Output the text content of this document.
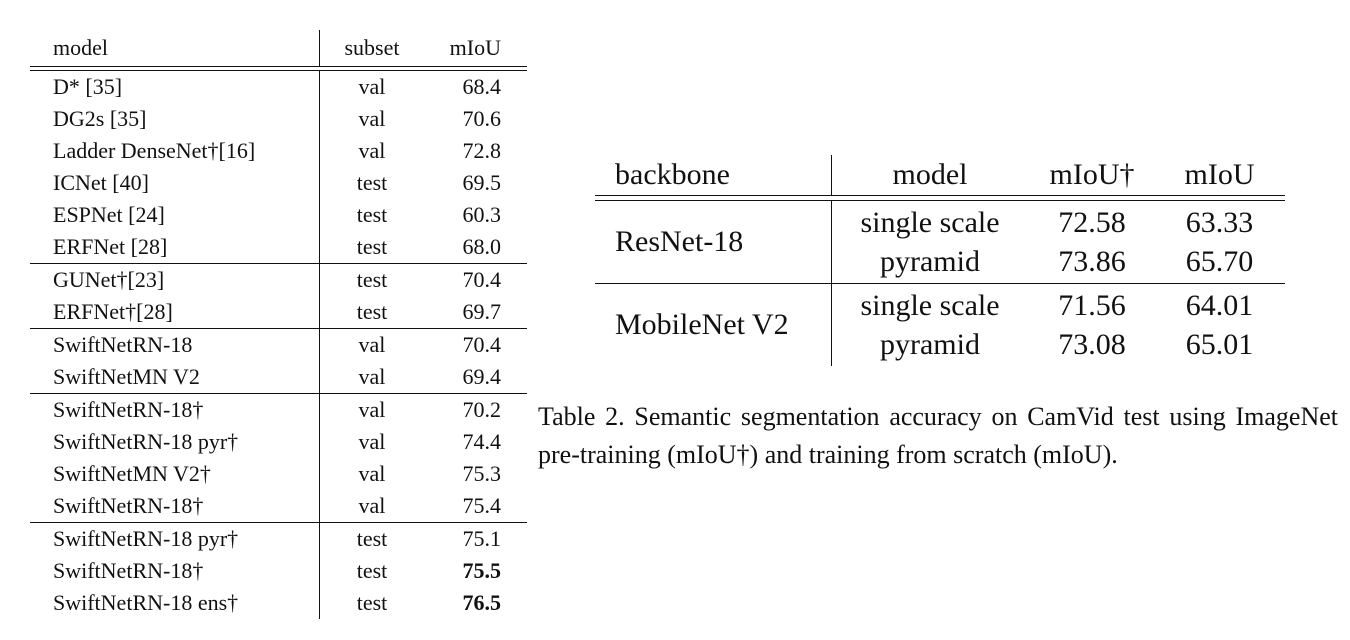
model	subset	mIoU
D* [35]	val	68.4
DG2s [35]	val	70.6
Ladder DenseNet†[16]	val	72.8
ICNet [40]	test	69.5
ESPNet [24]	test	60.3
ERFNet [28]	test	68.0
GUNet†[23]	test	70.4
ERFNet†[28]	test	69.7
SwiftNetRN-18	val	70.4
SwiftNetMN V2	val	69.4
SwiftNetRN-18†	val	70.2
SwiftNetRN-18 pyr†	val	74.4
SwiftNetMN V2†	val	75.3
SwiftNetRN-18†	val	75.4
SwiftNetRN-18 pyr†	test	75.1
SwiftNetRN-18†	test	75.5
SwiftNetRN-18 ens†	test	76.5
backbone	model	mIoU†	mIoU
ResNet-18
single scale	72.58	63.33
pyramid	73.86	65.70
MobileNet V2
single scale	71.56	64.01
pyramid	73.08	65.01
Table 2. Semantic segmentation accuracy on CamVid test using ImageNet pre-training (mIoU†) and training from scratch (mIoU).
